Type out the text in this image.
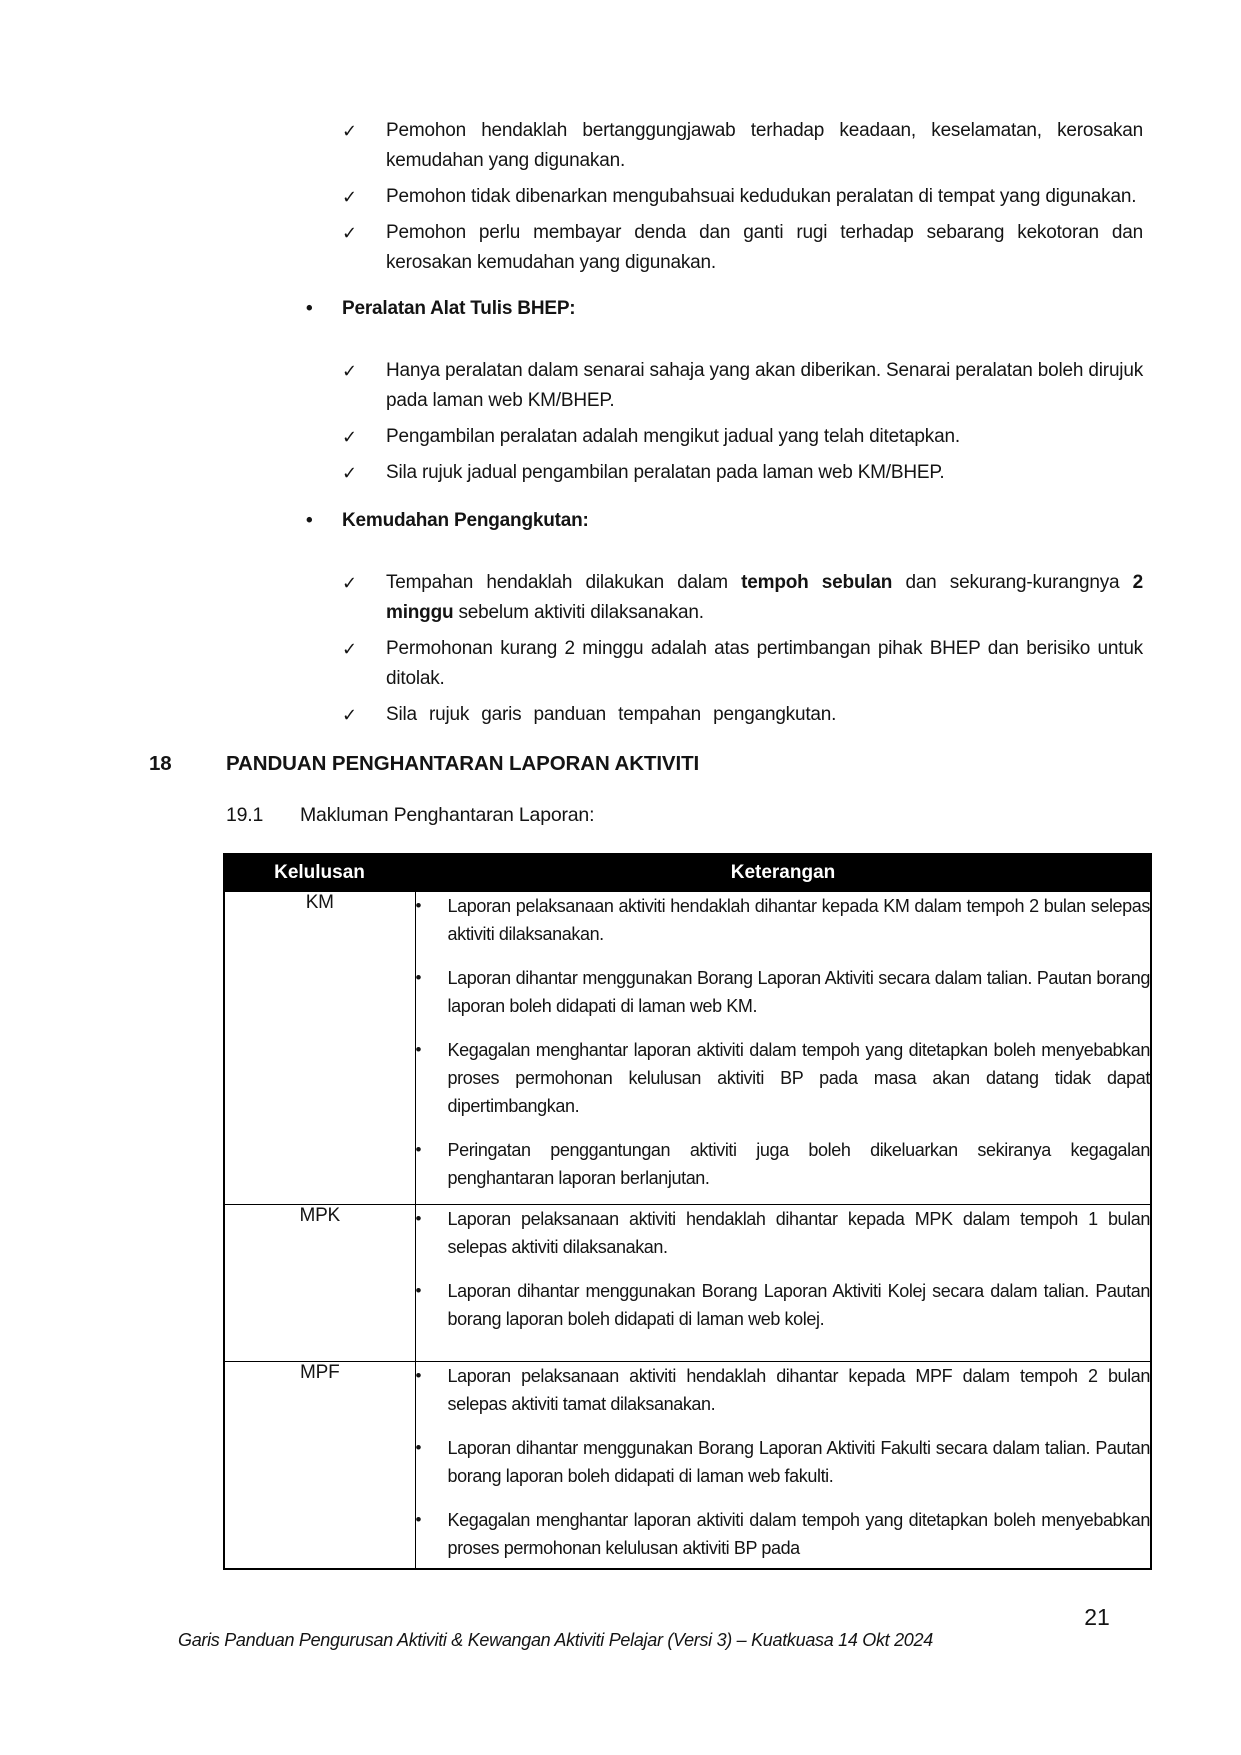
✓	Pemohon hendaklah bertanggungjawab terhadap keadaan, keselamatan, kerosakan kemudahan yang digunakan.
✓	Pemohon tidak dibenarkan mengubahsuai kedudukan peralatan di tempat yang digunakan.
✓	Pemohon perlu membayar denda dan ganti rugi terhadap sebarang kekotoran dan kerosakan kemudahan yang digunakan.
•	Peralatan Alat Tulis BHEP:
✓	Hanya peralatan dalam senarai sahaja yang akan diberikan. Senarai peralatan boleh dirujuk pada laman web KM/BHEP.
✓	Pengambilan peralatan adalah mengikut jadual yang telah ditetapkan.
✓	Sila rujuk jadual pengambilan peralatan pada laman web KM/BHEP.
•	Kemudahan Pengangkutan:
✓	Tempahan hendaklah dilakukan dalam tempoh sebulan dan sekurang-kurangnya 2 minggu sebelum aktiviti dilaksanakan.
✓	Permohonan kurang 2 minggu adalah atas pertimbangan pihak BHEP dan berisiko untuk ditolak.
✓	Sila rujuk garis panduan tempahan pengangkutan.
18	PANDUAN PENGHANTARAN LAPORAN AKTIVITI
19.1	Makluman Penghantaran Laporan:
Kelulusan	Keterangan
KM	•	Laporan pelaksanaan aktiviti hendaklah dihantar kepada KM dalam tempoh 2 bulan selepas aktiviti dilaksanakan.
•	Laporan dihantar menggunakan Borang Laporan Aktiviti secara dalam talian. Pautan borang laporan boleh didapati di laman web KM.
•	Kegagalan menghantar laporan aktiviti dalam tempoh yang ditetapkan boleh menyebabkan proses permohonan kelulusan aktiviti BP pada masa akan datang tidak dapat dipertimbangkan.
•	Peringatan penggantungan aktiviti juga boleh dikeluarkan sekiranya kegagalan penghantaran laporan berlanjutan.

MPK	• Laporan pelaksanaan aktiviti hendaklah dihantar kepada MPK dalam tempoh 1 bulan selepas aktiviti dilaksanakan.
• Laporan dihantar menggunakan Borang Laporan Aktiviti Kolej secara dalam talian. Pautan borang laporan boleh didapati di laman web kolej.

MPF	•	Laporan pelaksanaan aktiviti hendaklah dihantar kepada MPF dalam tempoh 2 bulan selepas aktiviti tamat dilaksanakan.
•	Laporan dihantar menggunakan Borang Laporan Aktiviti Fakulti secara dalam talian. Pautan borang laporan boleh didapati di laman web fakulti.
•	Kegagalan menghantar laporan aktiviti dalam tempoh yang ditetapkan boleh menyebabkan proses permohonan kelulusan aktiviti BP pada
21
Garis Panduan Pengurusan Aktiviti & Kewangan Aktiviti Pelajar (Versi 3) – Kuatkuasa 14 Okt 2024
